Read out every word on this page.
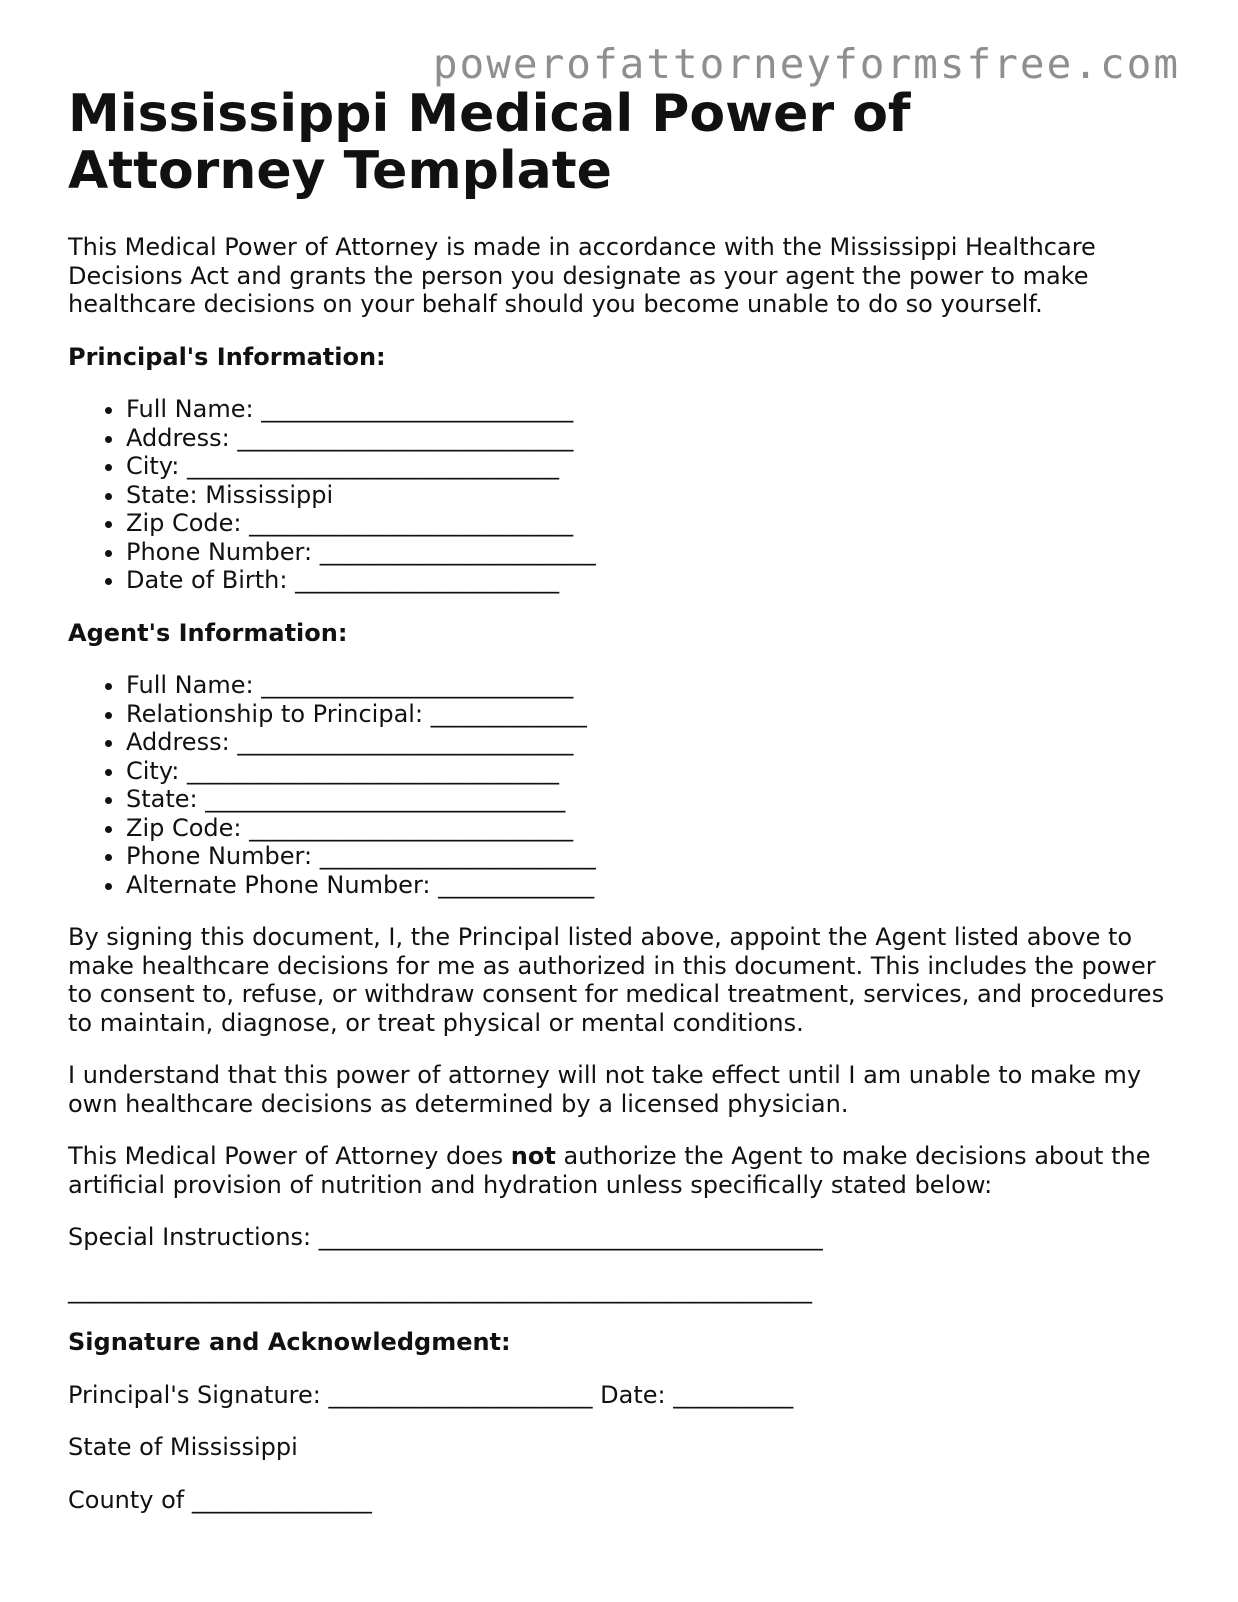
powerofattorneyformsfree.com
Mississippi Medical Power of Attorney Template

This Medical Power of Attorney is made in accordance with the Mississippi Healthcare Decisions Act and grants the person you designate as your agent the power to make healthcare decisions on your behalf should you become unable to do so yourself.

Principal's Information:
• Full Name: __________________________
• Address: ____________________________
• City: _______________________________
• State: Mississippi
• Zip Code: ___________________________
• Phone Number: _______________________
• Date of Birth: ______________________
Agent's Information:
• Full Name: __________________________
• Relationship to Principal: _____________
• Address: ____________________________
• City: _______________________________
• State: ______________________________
• Zip Code: ___________________________
• Phone Number: _______________________
• Alternate Phone Number: _____________

By signing this document, I, the Principal listed above, appoint the Agent listed above to make healthcare decisions for me as authorized in this document. This includes the power to consent to, refuse, or withdraw consent for medical treatment, services, and procedures to maintain, diagnose, or treat physical or mental conditions.

I understand that this power of attorney will not take effect until I am unable to make my own healthcare decisions as determined by a licensed physician.

This Medical Power of Attorney does not authorize the Agent to make decisions about the artificial provision of nutrition and hydration unless specifically stated below:

Special Instructions: __________________________________________
______________________________________________________________
Signature and Acknowledgment:
Principal's Signature: ______________________ Date: __________
State of Mississippi
County of _______________
